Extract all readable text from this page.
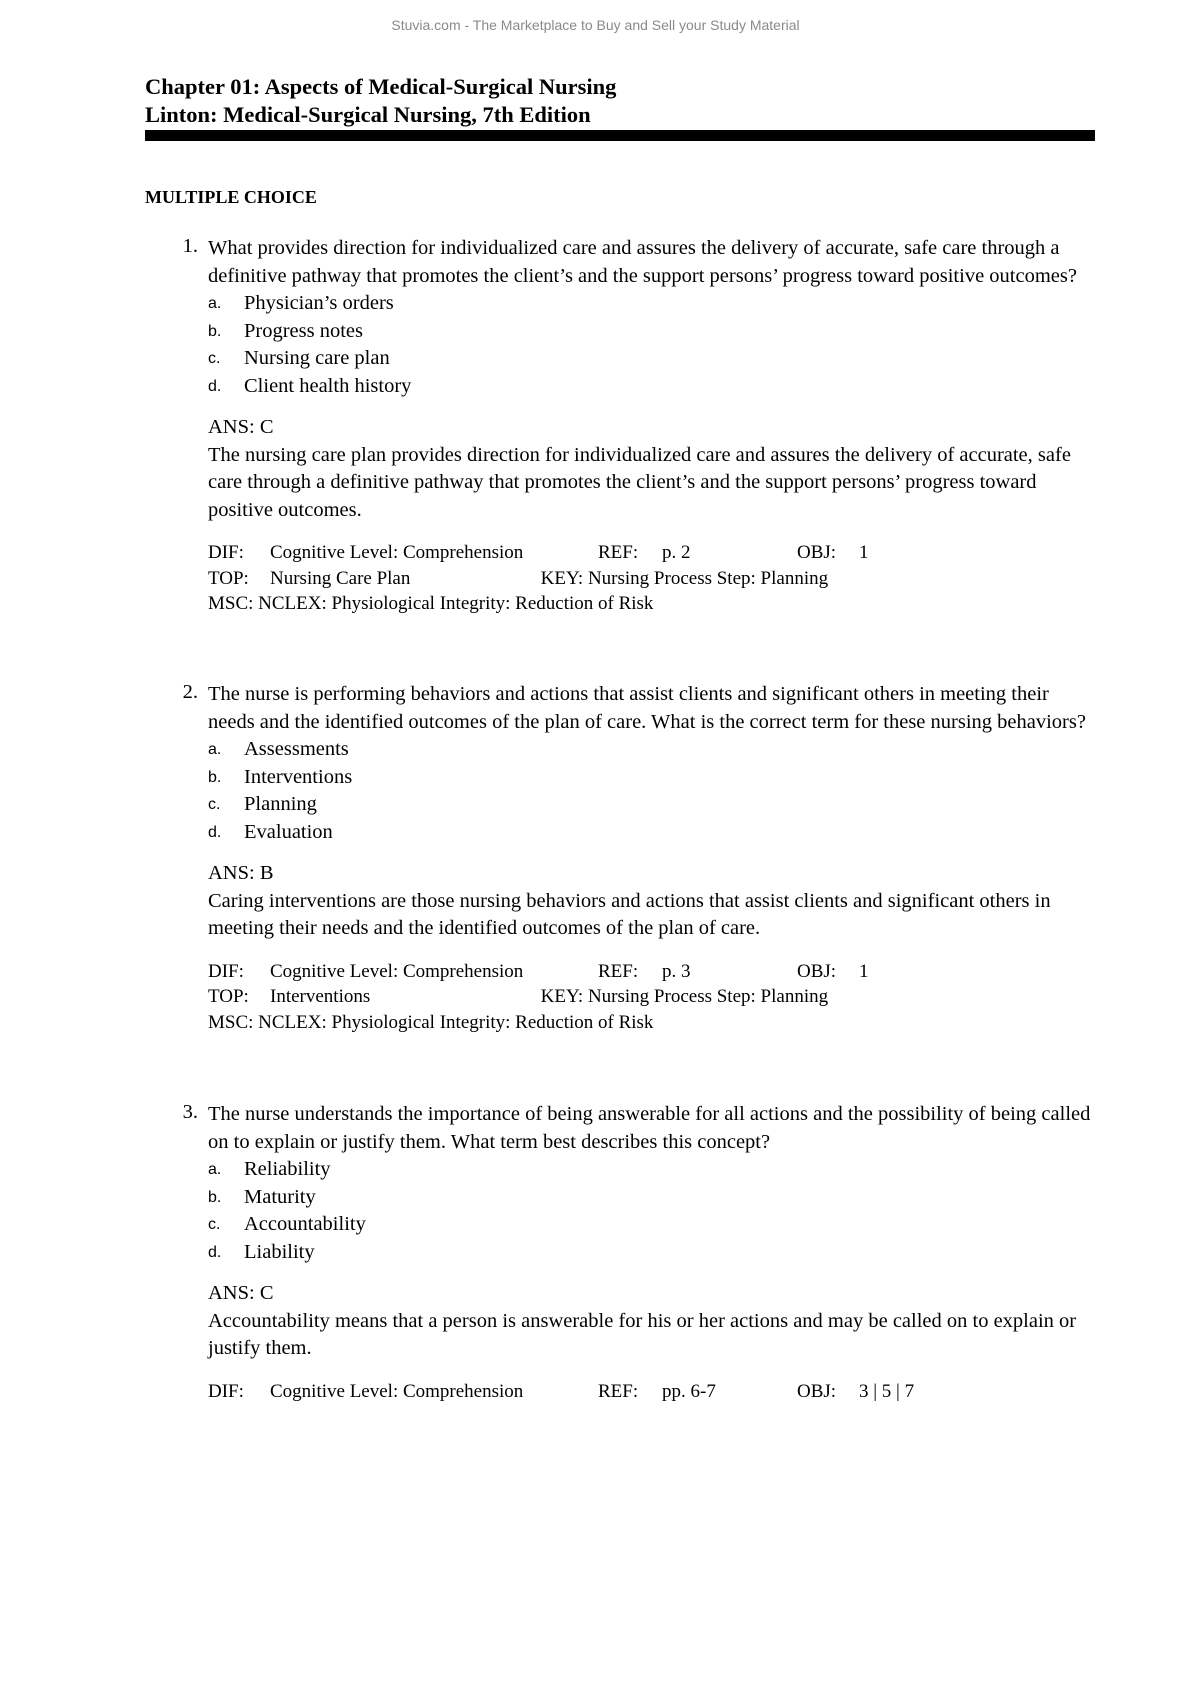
Stuvia.com - The Marketplace to Buy and Sell your Study Material
Chapter 01: Aspects of Medical-Surgical Nursing
Linton: Medical-Surgical Nursing, 7th Edition
MULTIPLE CHOICE
1. What provides direction for individualized care and assures the delivery of accurate, safe care through a definitive pathway that promotes the client’s and the support persons’ progress toward positive outcomes?
a.	Physician’s orders
b.	Progress notes
c.	Nursing care plan
d.	Client health history
ANS: C
The nursing care plan provides direction for individualized care and assures the delivery of accurate, safe care through a definitive pathway that promotes the client’s and the support persons’ progress toward positive outcomes.
DIF:	Cognitive Level: Comprehension	REF: p. 2	OBJ: 1
TOP:	Nursing Care Plan	KEY: Nursing Process Step: Planning
MSC: NCLEX: Physiological Integrity: Reduction of Risk
2. The nurse is performing behaviors and actions that assist clients and significant others in meeting their needs and the identified outcomes of the plan of care. What is the correct term for these nursing behaviors?
a.	Assessments
b.	Interventions
c.	Planning
d.	Evaluation
ANS: B
Caring interventions are those nursing behaviors and actions that assist clients and significant others in meeting their needs and the identified outcomes of the plan of care.
DIF:	Cognitive Level: Comprehension	REF: p. 3	OBJ: 1
TOP:	Interventions	KEY: Nursing Process Step: Planning
MSC: NCLEX: Physiological Integrity: Reduction of Risk
3. The nurse understands the importance of being answerable for all actions and the possibility of being called on to explain or justify them. What term best describes this concept?
a.	Reliability
b.	Maturity
c.	Accountability
d.	Liability
ANS: C
Accountability means that a person is answerable for his or her actions and may be called on to explain or justify them.
DIF:	Cognitive Level: Comprehension	REF: pp. 6-7	OBJ: 3 | 5 | 7
